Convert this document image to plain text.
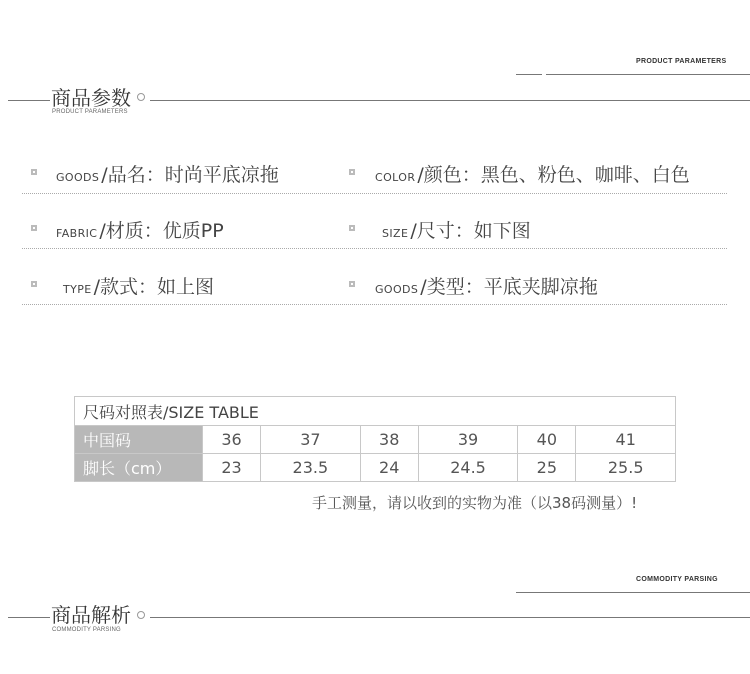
PRODUCT PARAMETERS
商品参数
PRODUCT PARAMETERS
GOODS /品名：时尚平底凉拖	COLOR /颜色：黑色、粉色、咖啡、白色
FABRIC /材质：优质PP	SIZE /尺寸：如下图
TYPE /款式：如上图	GOODS /类型：平底夹脚凉拖
尺码对照表/SIZE TABLE						
中国码	36	37	38	39	40	41
脚长（cm）	23	23.5	24	24.5	25	25.5
手工测量，请以收到的实物为准（以38码测量）!
COMMODITY PARSING
商品解析
COMMODITY PARSING
